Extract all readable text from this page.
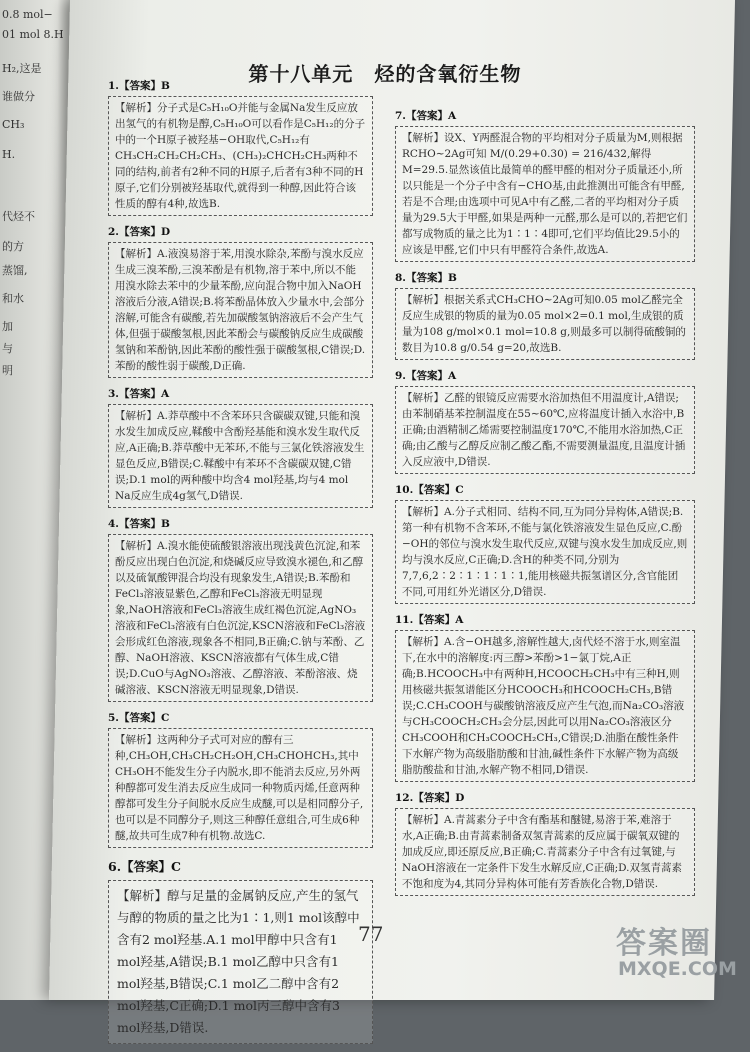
0.8 mol−
01 mol 8.H
H₂,这是
谁做分
CH₃
H.
代烃不
的方
蒸馏,
和水
加
与
明
第十八单元　烃的含氧衍生物
1.【答案】B
【解析】分子式是C₅H₁₀O并能与金属Na发生反应放出氢气的有机物是醇,C₅H₁₀O可以看作是C₅H₁₂的分子中的一个H原子被羟基−OH取代,C₅H₁₂有CH₃CH₂CH₂CH₂CH₃、(CH₃)₂CHCH₂CH₃两种不同的结构,前者有2种不同的H原子,后者有3种不同的H原子,它们分别被羟基取代,就得到一种醇,因此符合该性质的醇有4种,故选B.
2.【答案】D
【解析】A.液溴易溶于苯,用溴水除杂,苯酚与溴水反应生成三溴苯酚,三溴苯酚是有机物,溶于苯中,所以不能用溴水除去苯中的少量苯酚,应向混合物中加入NaOH溶液后分液,A错误;B.将苯酚晶体放入少量水中,会部分溶解,可能含有碳酸,若先加碳酸氢钠溶液后不会产生气体,但强于碳酸氢根,因此苯酚会与碳酸钠反应生成碳酸氢钠和苯酚钠,因此苯酚的酸性强于碳酸氢根,C错误;D.苯酚的酸性弱于碳酸,D正确.
3.【答案】A
【解析】A.莽草酸中不含苯环只含碳碳双键,只能和溴水发生加成反应,鞣酸中含酚羟基能和溴水发生取代反应,A正确;B.莽草酸中无苯环,不能与三氯化铁溶液发生显色反应,B错误;C.鞣酸中有苯环不含碳碳双键,C错误;D.1 mol的两种酸中均含4 mol羟基,均与4 mol Na反应生成4g氢气,D错误.
4.【答案】B
【解析】A.溴水能使硫酸银溶液出现浅黄色沉淀,和苯酚反应出现白色沉淀,和烧碱反应导致溴水褪色,和乙醇以及硫氰酸钾混合均没有现象发生,A错误;B.苯酚和FeCl₃溶液显紫色,乙醇和FeCl₃溶液无明显现象,NaOH溶液和FeCl₃溶液生成红褐色沉淀,AgNO₃溶液和FeCl₃溶液有白色沉淀,KSCN溶液和FeCl₃溶液会形成红色溶液,现象各不相同,B正确;C.钠与苯酚、乙醇、NaOH溶液、KSCN溶液都有气体生成,C错误;D.CuO与AgNO₃溶液、乙醇溶液、苯酚溶液、烧碱溶液、KSCN溶液无明显现象,D错误.
5.【答案】C
【解析】这两种分子式可对应的醇有三种,CH₃OH,CH₃CH₂CH₂OH,CH₃CHOHCH₃,其中CH₃OH不能发生分子内脱水,即不能消去反应,另外两种醇都可发生消去反应生成同一种物质丙烯,任意两种醇都可发生分子间脱水反应生成醚,可以是相同醇分子,也可以是不同醇分子,则这三种醇任意组合,可生成6种醚,故共可生成7种有机物.故选C.
6.【答案】C
【解析】醇与足量的金属钠反应,产生的氢气与醇的物质的量之比为1∶1,则1 mol该醇中含有2 mol羟基.A.1 mol甲醇中只含有1 mol羟基,A错误;B.1 mol乙醇中只含有1 mol羟基,B错误;C.1 mol乙二醇中含有2 mol羟基,C正确;D.1 mol丙三醇中含有3 mol羟基,D错误.
7.【答案】A
【解析】设X、Y两醛混合物的平均相对分子质量为M,则根据RCHO∼2Ag可知 M/(0.29+0.30) = 216/432,解得M=29.5.显然该值比最简单的醛甲醛的相对分子质量还小,所以只能是一个分子中含有−CHO基,由此推测出可能含有甲醛,若是不合理;由选项中可见A中有乙醛,二者的平均相对分子质量为29.5大于甲醛,如果是两种一元醛,那么是可以的,若把它们都写成物质的量之比为1∶1∶4即可,它们平均值比29.5小的应该是甲醛,它们中只有甲醛符合条件,故选A.
8.【答案】B
【解析】根据关系式CH₃CHO∼2Ag可知0.05 mol乙醛完全反应生成银的物质的量为0.05 mol×2=0.1 mol,生成银的质量为108 g/mol×0.1 mol=10.8 g,则最多可以制得硫酸铜的数目为10.8 g/0.54 g=20,故选B.
9.【答案】A
【解析】乙醛的银镜反应需要水浴加热但不用温度计,A错误;由苯制硝基苯控制温度在55∼60℃,应将温度计插入水浴中,B正确;由酒精制乙烯需要控制温度170℃,不能用水浴加热,C正确;由乙酸与乙醇反应制乙酸乙酯,不需要测量温度,且温度计插入反应液中,D错误.
10.【答案】C
【解析】A.分子式相同、结构不同,互为同分异构体,A错误;B.第一种有机物不含苯环,不能与氯化铁溶液发生显色反应,C.酚−OH的邻位与溴水发生取代反应,双键与溴水发生加成反应,则均与溴水反应,C正确;D.含H的种类不同,分别为7,7,6,2∶2∶1∶1∶1∶1,能用核磁共振氢谱区分,含官能团不同,可用红外光谱区分,D错误.
11.【答案】A
【解析】A.含−OH越多,溶解性越大,卤代烃不溶于水,则室温下,在水中的溶解度:丙三醇>苯酚>1−氯丁烷,A正确;B.HCOOCH₃中有两种H,HCOOCH₂CH₃中有三种H,则用核磁共振氢谱能区分HCOOCH₃和HCOOCH₂CH₃,B错误;C.CH₃COOH与碳酸钠溶液反应产生气泡,而Na₂CO₃溶液与CH₃COOCH₂CH₃会分层,因此可以用Na₂CO₃溶液区分CH₃COOH和CH₃COOCH₂CH₃,C错误;D.油脂在酸性条件下水解产物为高级脂肪酸和甘油,碱性条件下水解产物为高级脂肪酸盐和甘油,水解产物不相同,D错误.
12.【答案】D
【解析】A.青蒿素分子中含有酯基和醚键,易溶于苯,难溶于水,A正确;B.由青蒿素制备双氢青蒿素的反应属于碳氧双键的加成反应,即还原反应,B正确;C.青蒿素分子中含有过氧键,与NaOH溶液在一定条件下发生水解反应,C正确;D.双氢青蒿素不饱和度为4,其同分异构体可能有芳香族化合物,D错误.
77	答案圈
MXQE.COM
